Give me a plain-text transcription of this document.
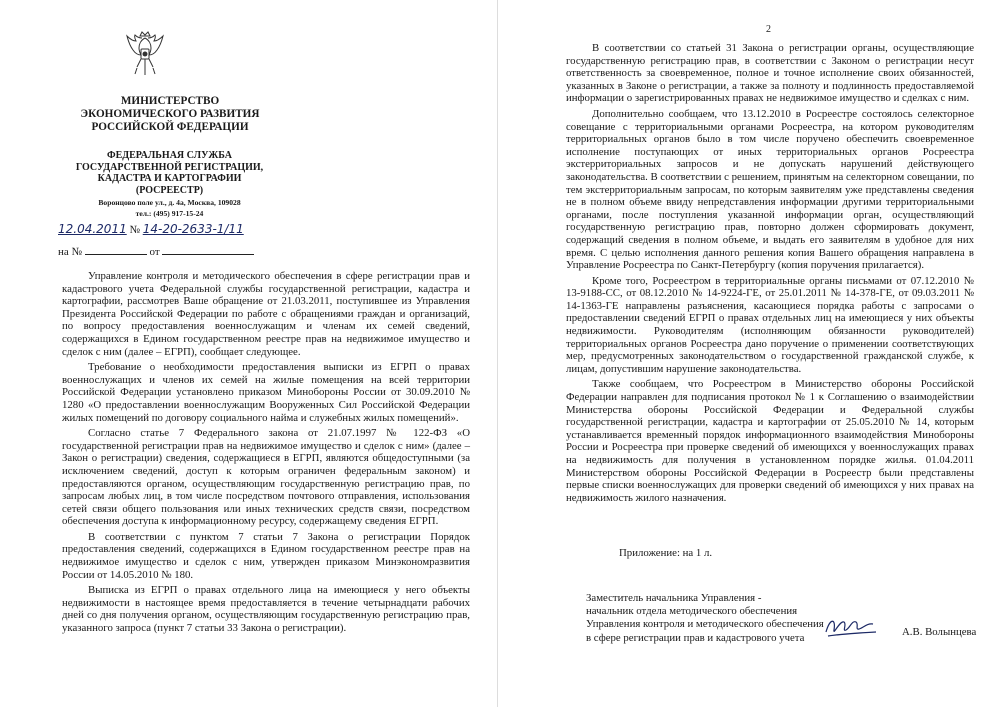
МИНИСТЕРСТВО
ЭКОНОМИЧЕСКОГО РАЗВИТИЯ
РОССИЙСКОЙ ФЕДЕРАЦИИ
ФЕДЕРАЛЬНАЯ СЛУЖБА
ГОСУДАРСТВЕННОЙ РЕГИСТРАЦИИ,
КАДАСТРА И КАРТОГРАФИИ
(РОСРЕЕСТР)
Воронцово поле ул., д. 4а, Москва, 109028
тел.: (495) 917-15-24
12.04.2011 № 14-20-2633-1/11
на №	от

Управление контроля и методического обеспечения в сфере регистрации прав и кадастрового учета Федеральной службы государственной регистрации, кадастра и картографии, рассмотрев Ваше обращение от 21.03.2011, поступившее из Управления Президента Российской Федерации по работе с обращениями граждан и организаций, по вопросу предоставления военнослужащим и членам их семей сведений, содержащихся в Едином государственном реестре прав на недвижимое имущество и сделок с ним (далее – ЕГРП), сообщает следующее.

Требование о необходимости предоставления выписки из ЕГРП о правах военнослужащих и членов их семей на жилые помещения на всей территории Российской Федерации установлено приказом Минобороны России от 30.09.2010 № 1280 «О предоставлении военнослужащим Вооруженных Сил Российской Федерации жилых помещений по договору социального найма и служебных жилых помещений».

Согласно статье 7 Федерального закона от 21.07.1997 № 122-ФЗ «О государственной регистрации прав на недвижимое имущество и сделок с ним» (далее – Закон о регистрации) сведения, содержащиеся в ЕГРП, являются общедоступными (за исключением сведений, доступ к которым ограничен федеральным законом) и предоставляются органом, осуществляющим государственную регистрацию прав, по запросам любых лиц, в том числе посредством почтового отправления, использования сетей связи общего пользования или иных технических средств связи, посредством обеспечения доступа к информационному ресурсу, содержащему сведения ЕГРП.

В соответствии с пунктом 7 статьи 7 Закона о регистрации Порядок предоставления сведений, содержащихся в Едином государственном реестре прав на недвижимое имущество и сделок с ним, утвержден приказом Минэкономразвития России от 14.05.2010 № 180.

Выписка из ЕГРП о правах отдельного лица на имеющиеся у него объекты недвижимости в настоящее время предоставляется в течение четырнадцати рабочих дней со дня получения органом, осуществляющим государственную регистрацию прав, указанного запроса (пункт 7 статьи 33 Закона о регистрации).

2

В соответствии со статьей 31 Закона о регистрации органы, осуществляющие государственную регистрацию прав, в соответствии с Законом о регистрации несут ответственность за своевременное, полное и точное исполнение своих обязанностей, указанных в Законе о регистрации, а также за полноту и подлинность предоставляемой информации о зарегистрированных правах не недвижимое имущество и сделках с ним.

Дополнительно сообщаем, что 13.12.2010 в Росреестре состоялось селекторное совещание с территориальными органами Росреестра, на котором руководителям территориальных органов было в том числе поручено обеспечить своевременное исполнение поступающих от иных территориальных органов Росреестра экстерриториальных запросов и не допускать нарушений действующего законодательства. В соответствии с решением, принятым на селекторном совещании, по тем экстерриториальным запросам, по которым заявителям уже представлены сведения не в полном объеме ввиду непредставления информации другими территориальными органами, после поступления указанной информации орган, осуществляющий государственную регистрацию прав, повторно должен сформировать документ, содержащий сведения в полном объеме, и выдать его заявителям в удобное для них время. С целью исполнения данного решения копия Вашего обращения направлена в Управление Росреестра по Санкт-Петербургу (копия поручения прилагается).

Кроме того, Росреестром в территориальные органы письмами от 07.12.2010 № 13-9188-СС, от 08.12.2010 № 14-9224-ГЕ, от 25.01.2011 № 14-378-ГЕ, от 09.03.2011 № 14-1363-ГЕ направлены разъяснения, касающиеся порядка работы с запросами о предоставлении сведений ЕГРП о правах отдельных лиц на имеющиеся у них объекты недвижимости. Руководителям (исполняющим обязанности руководителей) территориальных органов Росреестра дано поручение о применении соответствующих мер, предусмотренных законодательством о государственной гражданской службе, к лицам, допустившим нарушение законодательства.

Также сообщаем, что Росреестром в Министерство обороны Российской Федерации направлен для подписания протокол № 1 к Соглашению о взаимодействии Министерства обороны Российской Федерации и Федеральной службы государственной регистрации, кадастра и картографии от 25.05.2010 № 14, которым устанавливается временный порядок информационного взаимодействия Минобороны России и Росреестра при проверке сведений об имеющихся у военнослужащих правах на недвижимость для получения в установленном порядке жилья. 01.04.2011 Министерством обороны Российской Федерации в Росреестр были представлены первые списки военнослужащих для проверки сведений об имеющихся у них правах на недвижимость жилого назначения.

Приложение: на 1 л.
Заместитель начальника Управления -
начальник отдела методического обеспечения
Управления контроля и методического обеспечения
в сфере регистрации прав и кадастрового учета	А.В. Волынцева
